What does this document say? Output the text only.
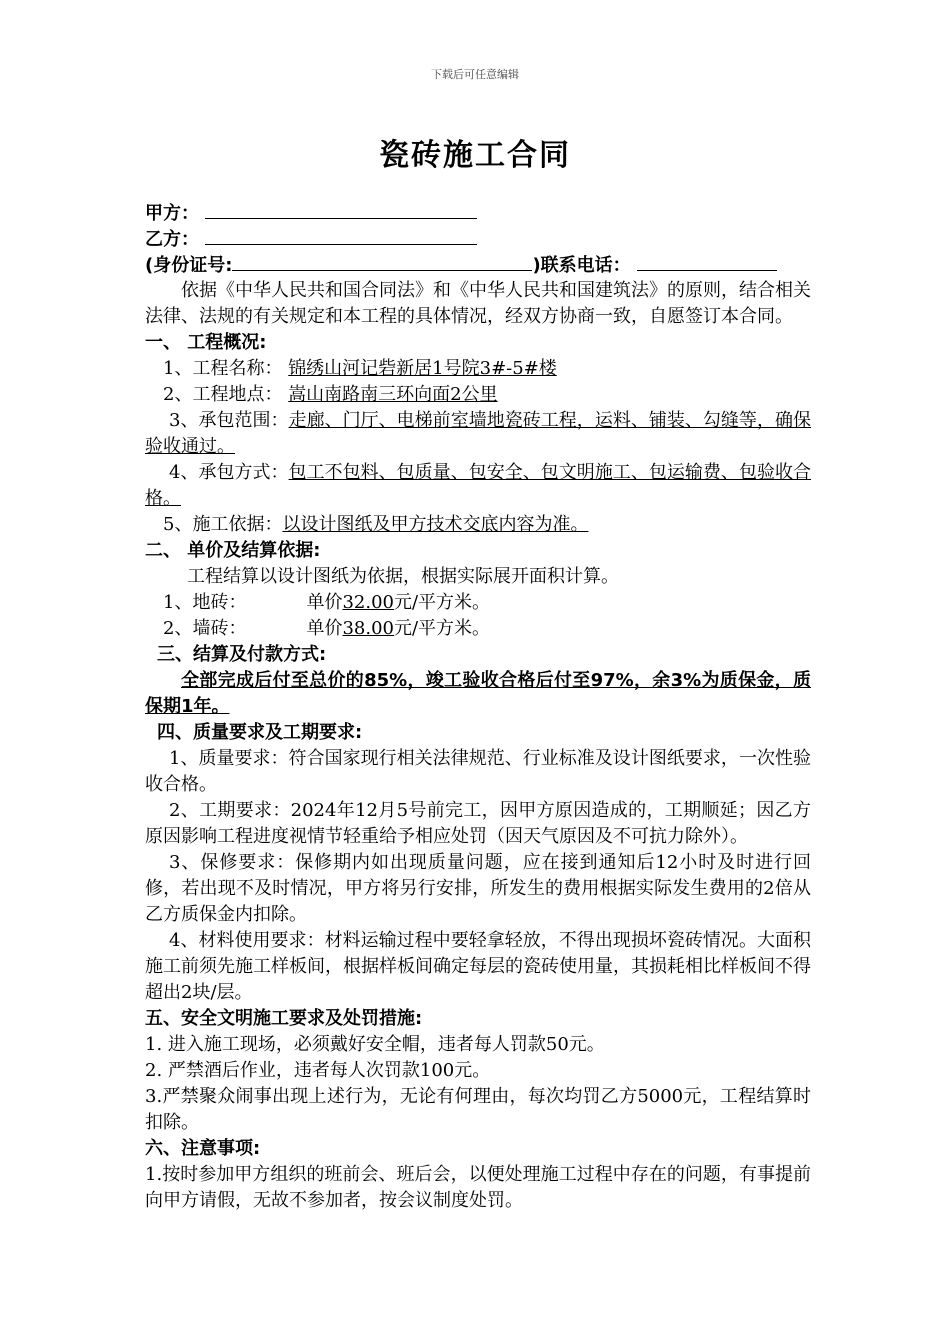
下载后可任意编辑
瓷砖施工合同
甲方：
乙方：
(身份证号:	)联系电话：
依据《中华人民共和国合同法》和《中华人民共和国建筑法》的原则，结合相关法律、法规的有关规定和本工程的具体情况，经双方协商一致，自愿签订本合同。
一、 工程概况:
1、工程名称： 锦绣山河记砦新居1号院3#-5#楼
2、工程地点： 嵩山南路南三环向面2公里
3、承包范围：走廊、门厅、电梯前室墙地瓷砖工程，运料、铺装、勾缝等，确保验收通过。
4、承包方式：包工不包料、包质量、包安全、包文明施工、包运输费、包验收合格。
5、施工依据：以设计图纸及甲方技术交底内容为准。
二、 单价及结算依据:
工程结算以设计图纸为依据，根据实际展开面积计算。
1、地砖：	单价32.00元/平方米。
2、墙砖：	单价38.00元/平方米。
三、结算及付款方式:
全部完成后付至总价的85%，竣工验收合格后付至97%，余3%为质保金，质保期1年。
四、质量要求及工期要求:
1、质量要求：符合国家现行相关法律规范、行业标准及设计图纸要求，一次性验收合格。
2、工期要求：2024年12月5号前完工，因甲方原因造成的，工期顺延；因乙方原因影响工程进度视情节轻重给予相应处罚（因天气原因及不可抗力除外）。
3、保修要求：保修期内如出现质量问题，应在接到通知后12小时及时进行回修，若出现不及时情况，甲方将另行安排，所发生的费用根据实际发生费用的2倍从乙方质保金内扣除。
4、材料使用要求：材料运输过程中要轻拿轻放，不得出现损坏瓷砖情况。大面积施工前须先施工样板间，根据样板间确定每层的瓷砖使用量，其损耗相比样板间不得超出2块/层。
五、安全文明施工要求及处罚措施:
1. 进入施工现场，必须戴好安全帽，违者每人罚款50元。
2. 严禁酒后作业，违者每人次罚款100元。
3.严禁聚众闹事出现上述行为，无论有何理由，每次均罚乙方5000元，工程结算时扣除。
六、注意事项:
1.按时参加甲方组织的班前会、班后会，以便处理施工过程中存在的问题，有事提前向甲方请假，无故不参加者，按会议制度处罚。
